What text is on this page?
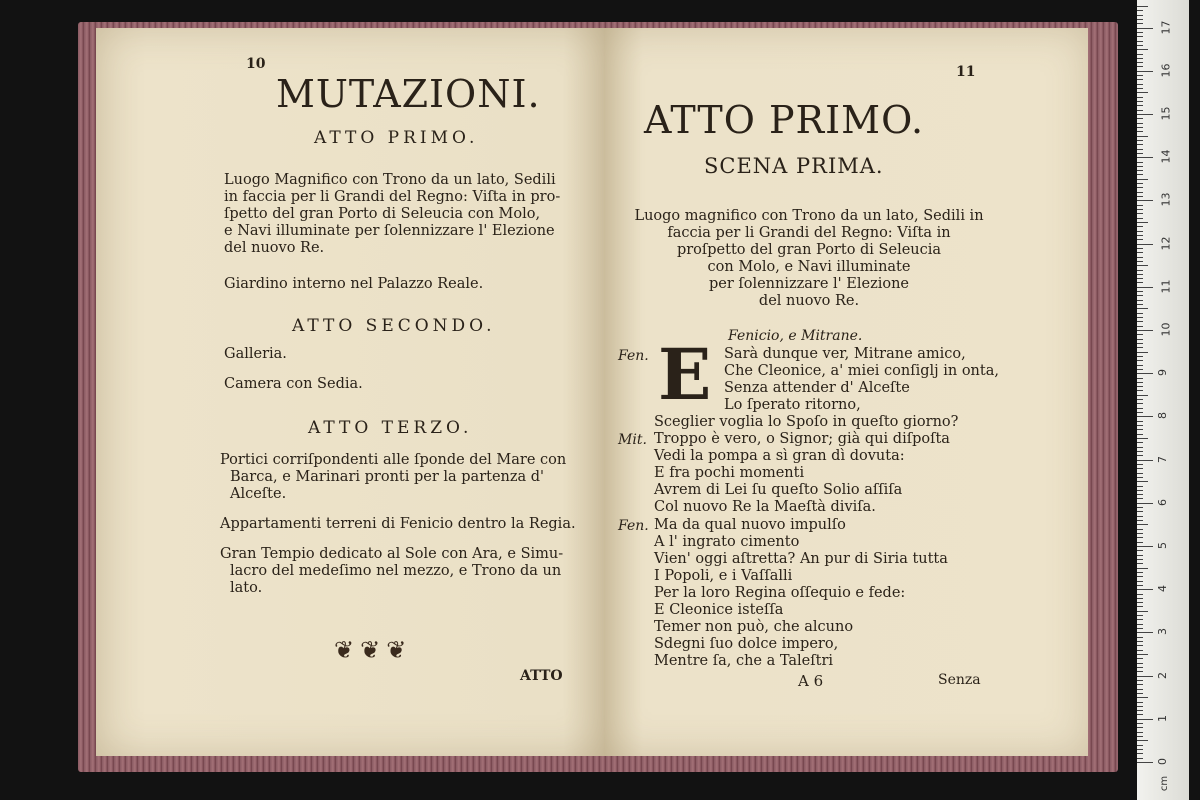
10
MUTAZIONI.
ATTO PRIMO.
Luogo Magnifico con Trono da un lato, Sedili
in faccia per li Grandi del Regno: Viſta in pro-
ſpetto del gran Porto di Seleucia con Molo,
e Navi illuminate per ſolennizzare l' Elezione
del nuovo Re.
Giardino interno nel Palazzo Reale.
ATTO SECONDO.
Galleria.
Camera con Sedia.
ATTO TERZO.
Portici corriſpondenti alle ſponde del Mare con
Barca, e Marinari pronti per la partenza d'
Alceſte.
Appartamenti terreni di Fenicio dentro la Regia.
Gran Tempio dedicato al Sole con Ara, e Simu-
lacro del medeſimo nel mezzo, e Trono da un
lato.
❦❦❦
ATTO
11
ATTO PRIMO.
SCENA PRIMA.
Luogo magnifico con Trono da un lato, Sedili in
faccia per li Grandi del Regno: Viſta in
proſpetto del gran Porto di Seleucia
con Molo, e Navi illuminate
per ſolennizzare l' Elezione
del nuovo Re.
Fenicio, e Mitrane.
Fen. E Sarà dunque ver, Mitrane amico,
Che Cleonice, a' miei conſiglj in onta,
Senza attender d' Alceſte
Lo ſperato ritorno,
Sceglier voglia lo Spoſo in queſto giorno?
Mit. Troppo è vero, o Signor; già qui diſpoſta
Vedi la pompa a sì gran dì dovuta:
E fra pochi momenti
Avrem di Lei ſu queſto Solio aſſiſa
Col nuovo Re la Maeſtà diviſa.
Fen. Ma da qual nuovo impulſo
A l' ingrato cimento
Vien' oggi aſtretta? An pur di Siria tutta
I Popoli, e i Vaſſalli
Per la loro Regina oſſequio e fede:
E Cleonice isteſſa
Temer non può, che alcuno
Sdegni ſuo dolce impero,
Mentre ſa, che a Taleſtri
A 6	Senza
cm
0
1
2
3
4
5
6
7
8
9
10
11
12
13
14
15
16
17
